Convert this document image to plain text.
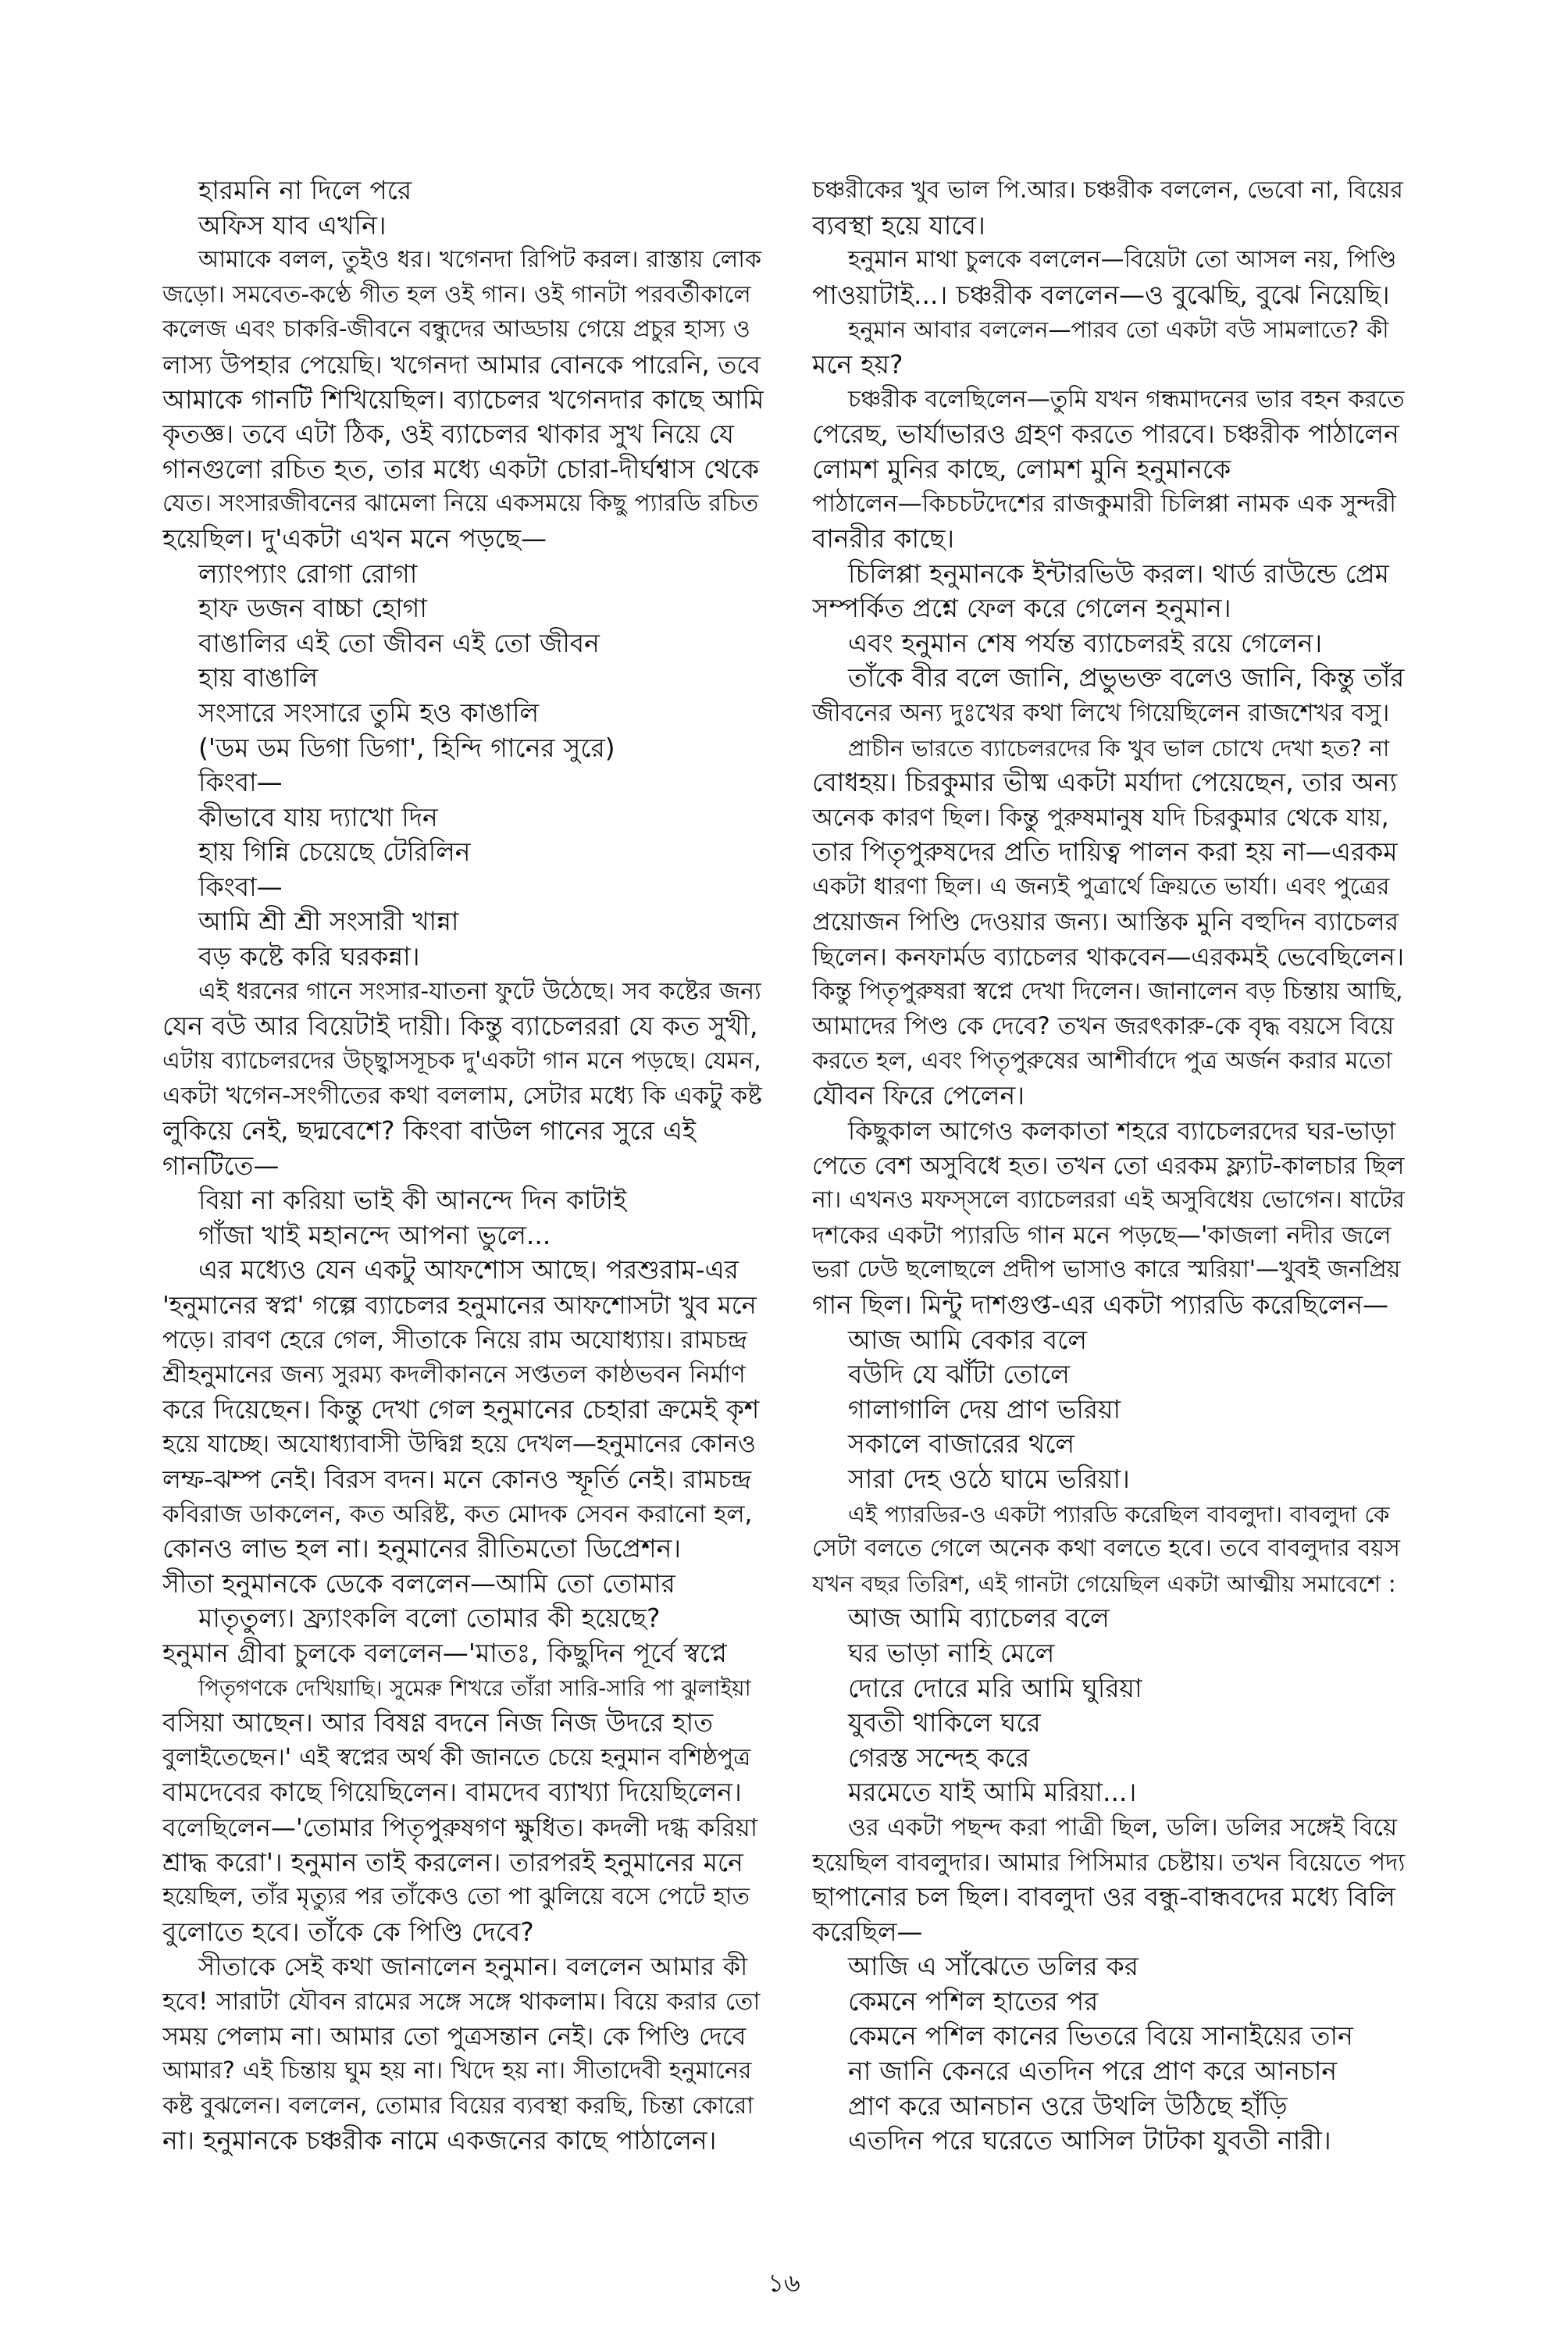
হারমনি না দিলে পরে
অফিস যাব এখনি।
আমাকে বলল, তুইও ধর। খগেনদা রিপিট করল। রাস্তায় লোক
জড়ো। সমবেত-কণ্ঠে গীত হল ওই গান। ওই গানটা পরবর্তীকালে
কলেজ এবং চাকরি-জীবনে বন্ধুদের আড্ডায় গেয়ে প্রচুর হাস্য ও
লাস্য উপহার পেয়েছি। খগেনদা আমার বোনকে পারেনি, তবে
আমাকে গানটি শিখিয়েছিল। ব্যাচেলর খগেনদার কাছে আমি
কৃতজ্ঞ। তবে এটা ঠিক, ওই ব্যাচেলর থাকার সুখ নিয়ে যে
গানগুলো রচিত হত, তার মধ্যে একটা চোরা-দীর্ঘশ্বাস থেকে
যেত। সংসারজীবনের ঝামেলা নিয়ে একসময়ে কিছু প্যারডি রচিত
হয়েছিল। দু'একটা এখন মনে পড়ছে—
ল্যাংপ্যাং রোগা রোগা
হাফ ডজন বাচ্চা হোগা
বাঙালির এই তো জীবন এই তো জীবন
হায় বাঙালি
সংসারে সংসারে তুমি হও কাঙালি
('ডম ডম ডিগা ডিগা', হিন্দি গানের সুরে)
কিংবা—
কীভাবে যায় দ্যাখো দিন
হায় গিন্নি চেয়েছে টেরিলিন
কিংবা—
আমি শ্রী শ্রী সংসারী খান্না
বড় কষ্টে করি ঘরকন্না।
এই ধরনের গানে সংসার-যাতনা ফুটে উঠেছে। সব কষ্টের জন্য
যেন বউ আর বিয়েটাই দায়ী। কিন্তু ব্যাচেলররা যে কত সুখী,
এটায় ব্যাচেলরদের উচ্ছ্বাসসূচক দু'একটা গান মনে পড়ছে। যেমন,
একটা খগেন-সংগীতের কথা বললাম, সেটার মধ্যে কি একটু কষ্ট
লুকিয়ে নেই, ছদ্মবেশে? কিংবা বাউল গানের সুরে এই
গানটিতে—
বিয়া না করিয়া ভাই কী আনন্দে দিন কাটাই
গাঁজা খাই মহানন্দে আপনা ভুলে...
এর মধ্যেও যেন একটু আফশোস আছে। পরশুরাম-এর
'হনুমানের স্বপ্ন' গল্পে ব্যাচেলর হনুমানের আফশোসটা খুব মনে
পড়ে। রাবণ হেরে গেল, সীতাকে নিয়ে রাম অযোধ্যায়। রামচন্দ্র
শ্রীহনুমানের জন্য সুরম্য কদলীকাননে সপ্ততল কাষ্ঠভবন নির্মাণ
করে দিয়েছেন। কিন্তু দেখা গেল হনুমানের চেহারা ক্রমেই কৃশ
হয়ে যাচ্ছে। অযোধ্যাবাসী উদ্বিগ্ন হয়ে দেখল—হনুমানের কোনও
লম্ফ-ঝম্প নেই। বিরস বদন। মনে কোনও স্ফূর্তি নেই। রামচন্দ্র
কবিরাজ ডাকলেন, কত অরিষ্ট, কত মোদক সেবন করানো হল,
কোনও লাভ হল না। হনুমানের রীতিমতো ডিপ্রেশন।
সীতা হনুমানকে ডেকে বললেন—আমি তো তোমার
মাতৃতুল্য। ফ্র্যাংকলি বলো তোমার কী হয়েছে?
হনুমান গ্রীবা চুলকে বললেন—'মাতঃ, কিছুদিন পূর্বে স্বপ্নে
পিতৃগণকে দেখিয়াছি। সুমেরু শিখরে তাঁরা সারি-সারি পা ঝুলাইয়া
বসিয়া আছেন। আর বিষণ্ণ বদনে নিজ নিজ উদরে হাত
বুলাইতেছেন।' এই স্বপ্নের অর্থ কী জানতে চেয়ে হনুমান বশিষ্ঠপুত্র
বামদেবের কাছে গিয়েছিলেন। বামদেব ব্যাখ্যা দিয়েছিলেন।
বলেছিলেন—'তোমার পিতৃপুরুষগণ ক্ষুধিত। কদলী দগ্ধ করিয়া
শ্রাদ্ধ করো'। হনুমান তাই করলেন। তারপরই হনুমানের মনে
হয়েছিল, তাঁর মৃত্যুর পর তাঁকেও তো পা ঝুলিয়ে বসে পেটে হাত
বুলোতে হবে। তাঁকে কে পিণ্ডি দেবে?
সীতাকে সেই কথা জানালেন হনুমান। বললেন আমার কী
হবে! সারাটা যৌবন রামের সঙ্গে সঙ্গে থাকলাম। বিয়ে করার তো
সময় পেলাম না। আমার তো পুত্রসন্তান নেই। কে পিণ্ডি দেবে
আমার? এই চিন্তায় ঘুম হয় না। খিদে হয় না। সীতাদেবী হনুমানের
কষ্ট বুঝলেন। বললেন, তোমার বিয়ের ব্যবস্থা করছি, চিন্তা কোরো
না। হনুমানকে চঞ্চরীক নামে একজনের কাছে পাঠালেন।
চঞ্চরীকের খুব ভাল পি.আর। চঞ্চরীক বললেন, ভেবো না, বিয়ের
ব্যবস্থা হয়ে যাবে।
হনুমান মাথা চুলকে বললেন—বিয়েটা তো আসল নয়, পিণ্ডি
পাওয়াটাই...। চঞ্চরীক বললেন—ও বুঝেছি, বুঝে নিয়েছি।
হনুমান আবার বললেন—পারব তো একটা বউ সামলাতে? কী
মনে হয়?
চঞ্চরীক বলেছিলেন—তুমি যখন গন্ধমাদনের ভার বহন করতে
পেরেছ, ভার্যাভারও গ্রহণ করতে পারবে। চঞ্চরীক পাঠালেন
লোমশ মুনির কাছে, লোমশ মুনি হনুমানকে
পাঠালেন—কিচচটদেশের রাজকুমারী চিলিপ্পা নামক এক সুন্দরী
বানরীর কাছে।
চিলিপ্পা হনুমানকে ইন্টারভিউ করল। থার্ড রাউন্ডে প্রেম
সম্পর্কিত প্রশ্নে ফেল করে গেলেন হনুমান।
এবং হনুমান শেষ পর্যন্ত ব্যাচেলরই রয়ে গেলেন।
তাঁকে বীর বলে জানি, প্রভুভক্ত বলেও জানি, কিন্তু তাঁর
জীবনের অন্য দুঃখের কথা লিখে গিয়েছিলেন রাজশেখর বসু।
প্রাচীন ভারতে ব্যাচেলরদের কি খুব ভাল চোখে দেখা হত? না
বোধহয়। চিরকুমার ভীষ্ম একটা মর্যাদা পেয়েছেন, তার অন্য
অনেক কারণ ছিল। কিন্তু পুরুষমানুষ যদি চিরকুমার থেকে যায়,
তার পিতৃপুরুষদের প্রতি দায়িত্ব পালন করা হয় না—এরকম
একটা ধারণা ছিল। এ জন্যই পুত্রার্থে ক্রিয়তে ভার্যা। এবং পুত্রের
প্রয়োজন পিণ্ডি দেওয়ার জন্য। আস্তিক মুনি বহুদিন ব্যাচেলর
ছিলেন। কনফার্মড ব্যাচেলর থাকবেন—এরকমই ভেবেছিলেন।
কিন্তু পিতৃপুরুষরা স্বপ্নে দেখা দিলেন। জানালেন বড় চিন্তায় আছি,
আমাদের পিণ্ড কে দেবে? তখন জরৎকারু-কে বৃদ্ধ বয়সে বিয়ে
করতে হল, এবং পিতৃপুরুষের আশীর্বাদে পুত্র অর্জন করার মতো
যৌবন ফিরে পেলেন।
কিছুকাল আগেও কলকাতা শহরে ব্যাচেলরদের ঘর-ভাড়া
পেতে বেশ অসুবিধে হত। তখন তো এরকম ফ্ল্যাট-কালচার ছিল
না। এখনও মফস্সলে ব্যাচেলররা এই অসুবিধেয় ভোগেন। ষাটের
দশকের একটা প্যারডি গান মনে পড়ছে—'কাজলা নদীর জলে
ভরা ঢেউ ছলোছলে প্রদীপ ভাসাও কারে স্মরিয়া'—খুবই জনপ্রিয়
গান ছিল। মিন্টু দাশগুপ্ত-এর একটা প্যারডি করেছিলেন—
আজ আমি বেকার বলে
বউদি যে ঝাঁটা তোলে
গালাগালি দেয় প্রাণ ভরিয়া
সকালে বাজারের থলে
সারা দেহ ওঠে ঘামে ভরিয়া।
এই প্যারডির-ও একটা প্যারডি করেছিল বাবলুদা। বাবলুদা কে
সেটা বলতে গেলে অনেক কথা বলতে হবে। তবে বাবলুদার বয়স
যখন বছর তিরিশ, এই গানটা গেয়েছিল একটা আত্মীয় সমাবেশে :
আজ আমি ব্যাচেলর বলে
ঘর ভাড়া নাহি মেলে
দোরে দোরে মরি আমি ঘুরিয়া
যুবতী থাকিলে ঘরে
গেরস্ত সন্দেহ করে
মরমেতে যাই আমি মরিয়া...।
ওর একটা পছন্দ করা পাত্রী ছিল, ডলি। ডলির সঙ্গেই বিয়ে
হয়েছিল বাবলুদার। আমার পিসিমার চেষ্টায়। তখন বিয়েতে পদ্য
ছাপানোর চল ছিল। বাবলুদা ওর বন্ধু-বান্ধবদের মধ্যে বিলি
করেছিল—
আজি এ সাঁঝেতে ডলির কর
কেমনে পশিল হাতের পর
কেমনে পশিল কানের ভিতরে বিয়ে সানাইয়ের তান
না জানি কেনরে এতদিন পরে প্রাণ করে আনচান
প্রাণ করে আনচান ওরে উথলি উঠিছে হাঁড়ি
এতদিন পরে ঘরেতে আসিল টাটকা যুবতী নারী।
১৬
